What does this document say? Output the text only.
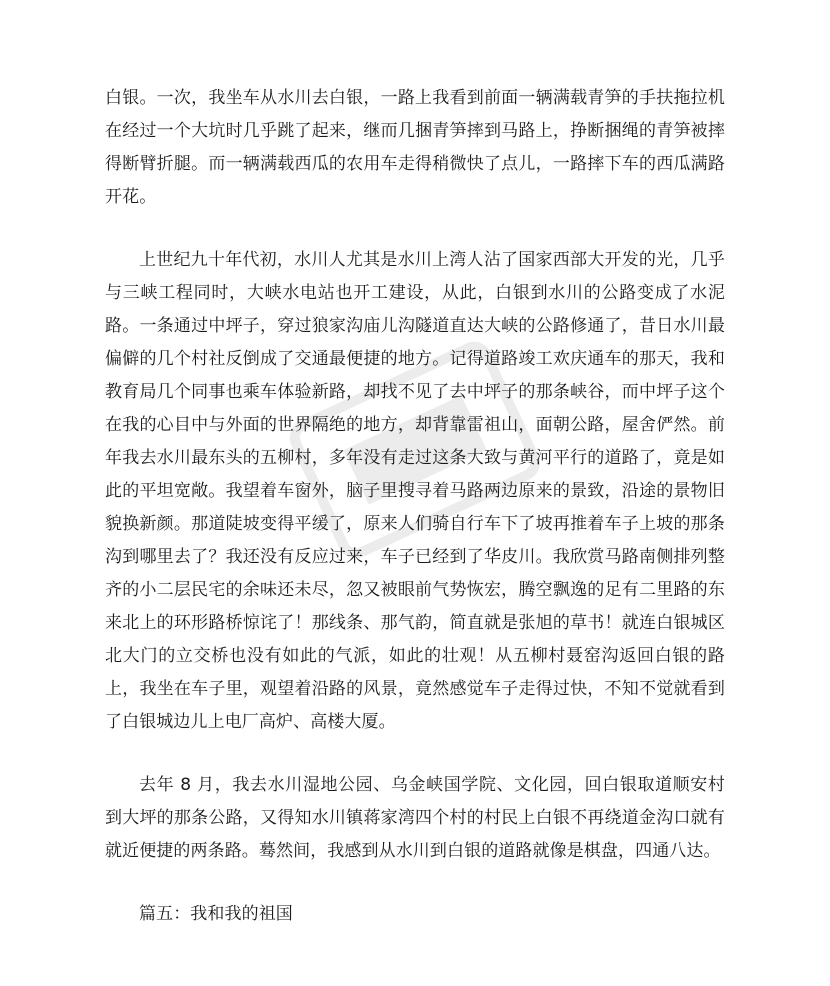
白银。一次，我坐车从水川去白银，一路上我看到前面一辆满载青笋的手扶拖拉机在经过一个大坑时几乎跳了起来，继而几捆青笋摔到马路上，挣断捆绳的青笋被摔得断臂折腿。而一辆满载西瓜的农用车走得稍微快了点儿，一路摔下车的西瓜满路开花。

上世纪九十年代初，水川人尤其是水川上湾人沾了国家西部大开发的光，几乎与三峡工程同时，大峡水电站也开工建设，从此，白银到水川的公路变成了水泥路。一条通过中坪子，穿过狼家沟庙儿沟隧道直达大峡的公路修通了，昔日水川最偏僻的几个村社反倒成了交通最便捷的地方。记得道路竣工欢庆通车的那天，我和教育局几个同事也乘车体验新路，却找不见了去中坪子的那条峡谷，而中坪子这个在我的心目中与外面的世界隔绝的地方，却背靠雷祖山，面朝公路，屋舍俨然。前年我去水川最东头的五柳村，多年没有走过这条大致与黄河平行的道路了，竟是如此的平坦宽敞。我望着车窗外，脑子里搜寻着马路两边原来的景致，沿途的景物旧貌换新颜。那道陡坡变得平缓了，原来人们骑自行车下了坡再推着车子上坡的那条沟到哪里去了？我还没有反应过来，车子已经到了华皮川。我欣赏马路南侧排列整齐的小二层民宅的余味还未尽，忽又被眼前气势恢宏，腾空飘逸的足有二里路的东来北上的环形路桥惊诧了！那线条、那气韵，简直就是张旭的草书！就连白银城区北大门的立交桥也没有如此的气派，如此的壮观！从五柳村聂窑沟返回白银的路上，我坐在车子里，观望着沿路的风景，竟然感觉车子走得过快，不知不觉就看到了白银城边儿上电厂高炉、高楼大厦。

去年 8 月，我去水川湿地公园、乌金峡国学院、文化园，回白银取道顺安村到大坪的那条公路，又得知水川镇蒋家湾四个村的村民上白银不再绕道金沟口就有就近便捷的两条路。蓦然间，我感到从水川到白银的道路就像是棋盘，四通八达。

篇五：我和我的祖国
